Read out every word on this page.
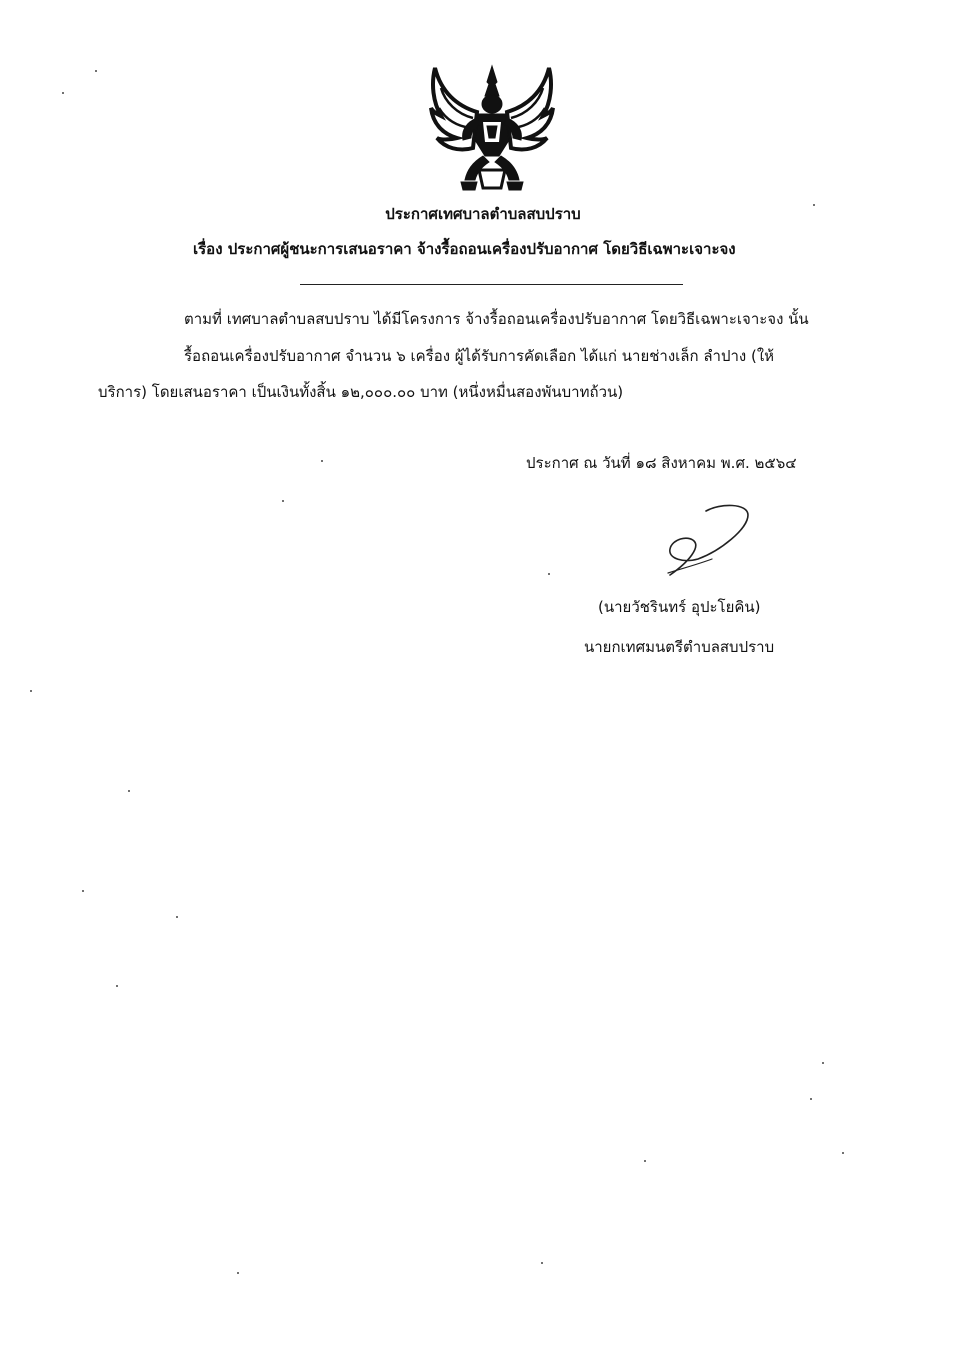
ประกาศเทศบาลตำบลสบปราบ
เรื่อง ประกาศผู้ชนะการเสนอราคา จ้างรื้อถอนเครื่องปรับอากาศ โดยวิธีเฉพาะเจาะจง
ตามที่ เทศบาลตำบลสบปราบ ได้มีโครงการ จ้างรื้อถอนเครื่องปรับอากาศ โดยวิธีเฉพาะเจาะจง นั้น
รื้อถอนเครื่องปรับอากาศ จำนวน ๖ เครื่อง ผู้ได้รับการคัดเลือก ได้แก่ นายช่างเล็ก ลำปาง (ให้
บริการ) โดยเสนอราคา เป็นเงินทั้งสิ้น ๑๒,๐๐๐.๐๐ บาท (หนึ่งหมื่นสองพันบาทถ้วน)
ประกาศ ณ วันที่ ๑๘ สิงหาคม พ.ศ. ๒๕๖๔
(นายวัชรินทร์ อุปะโยคิน)
นายกเทศมนตรีตำบลสบปราบ
